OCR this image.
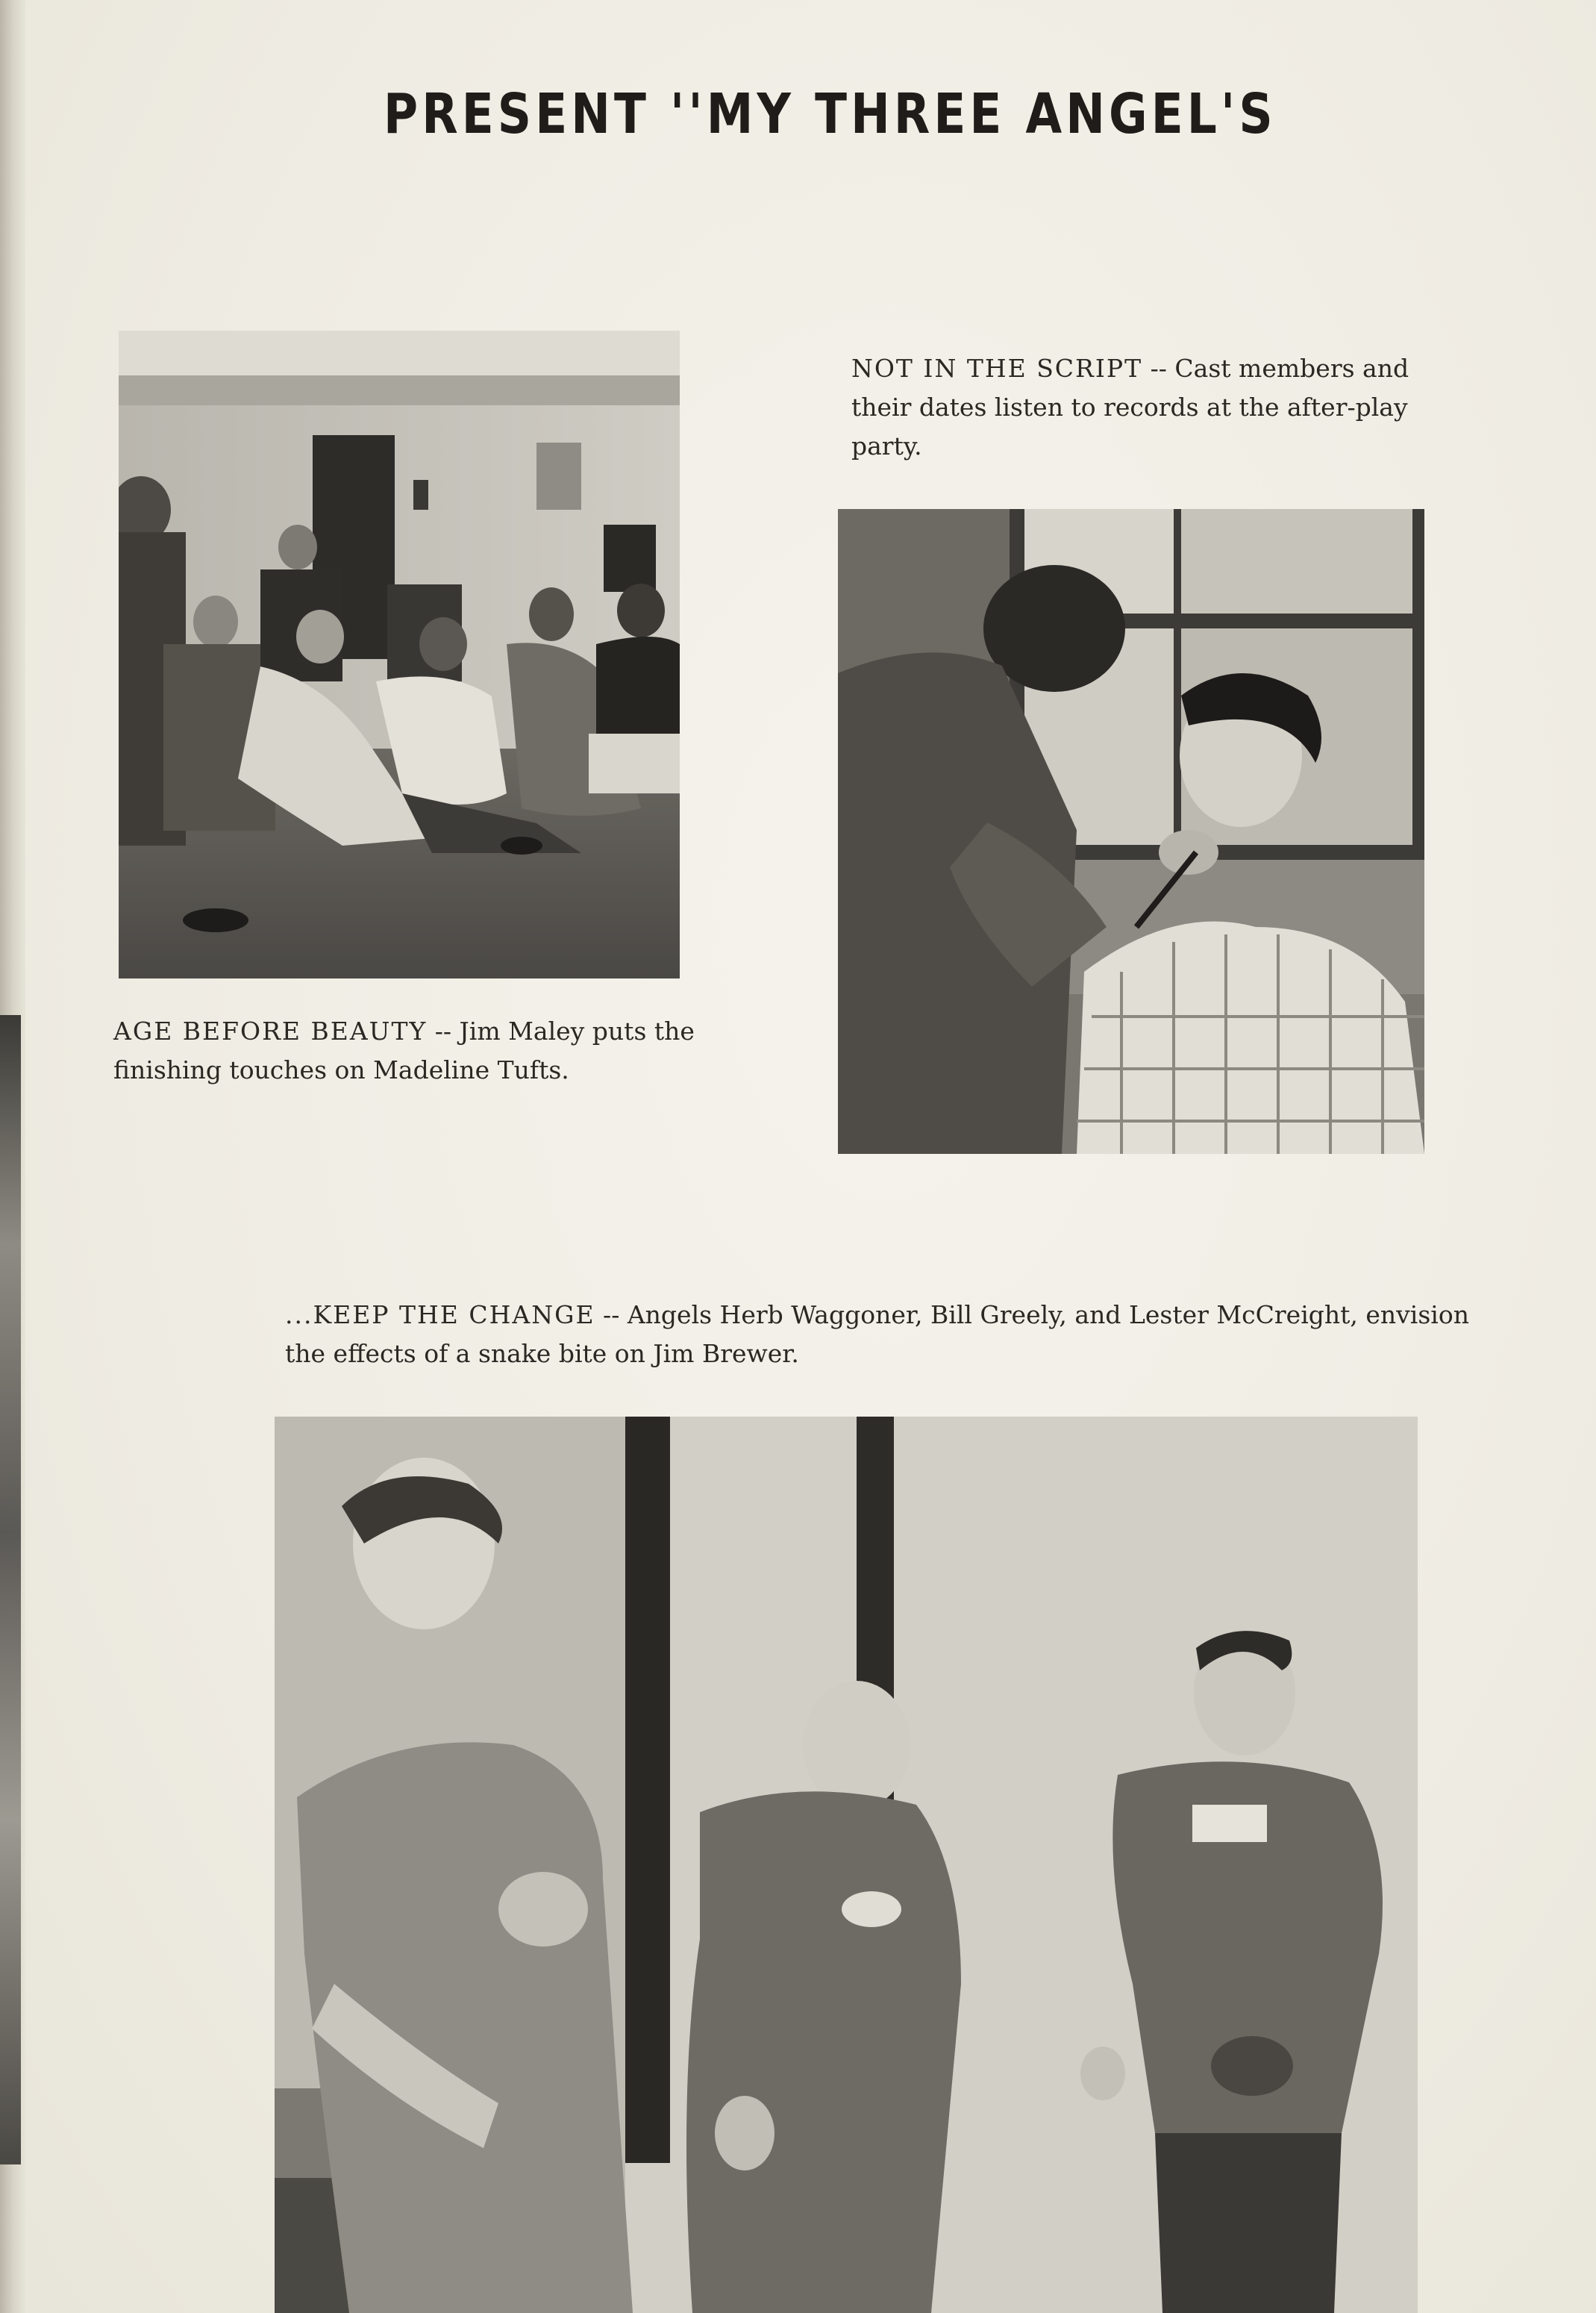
PRESENT ''MY THREE ANGEL'S
NOT IN THE SCRIPT -- Cast members and their dates listen to records at the after-play party.
AGE BEFORE BEAUTY -- Jim Maley puts the finishing touches on Madeline Tufts.
...KEEP THE CHANGE -- Angels Herb Waggoner, Bill Greely, and Lester McCreight, envision the effects of a snake bite on Jim Brewer.
